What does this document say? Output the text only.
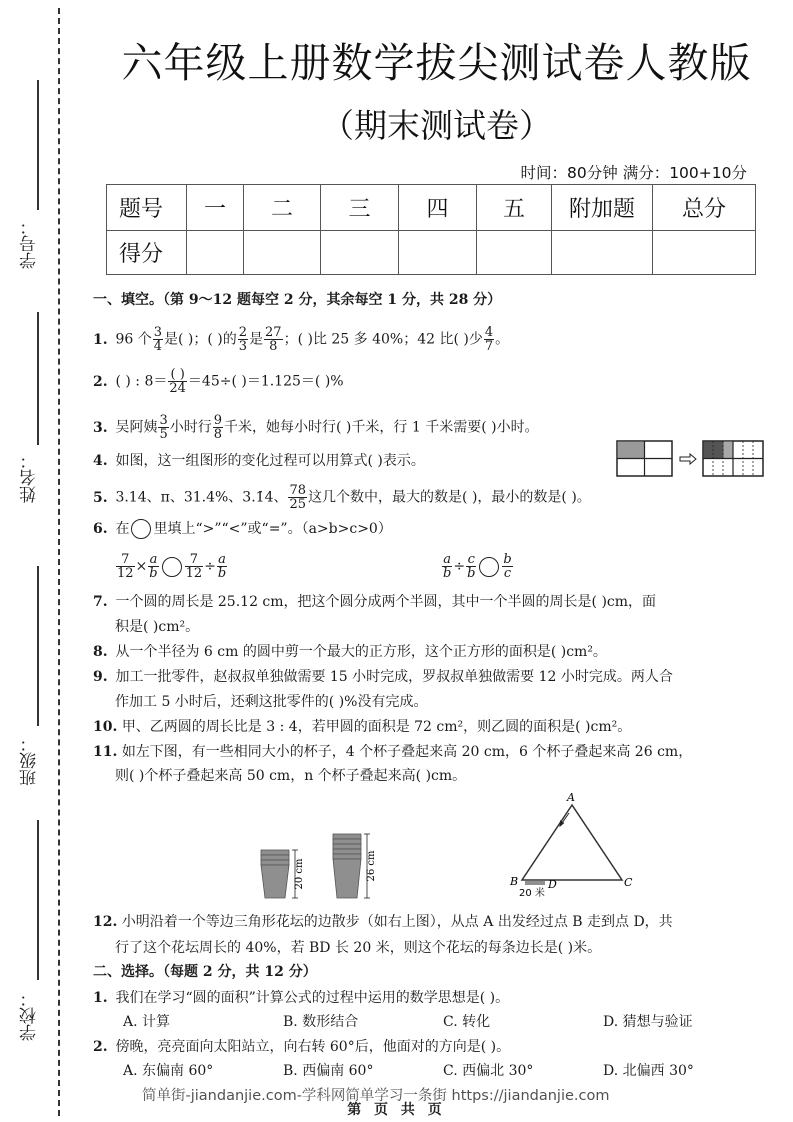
学号：
姓名：
班级：
学校：
六年级上册数学拔尖测试卷人教版
（期末测试卷）
时间：80分钟 满分：100+10分
题号	一	二	三	四	五	附加题	总分
得分							
一、填空。（第 9～12 题每空 2 分，其余每空 1 分，共 28 分）
1. 96 个 $\frac{3}{4}$ 是( )；( )的 $\frac{2}{3}$ 是 $\frac{27}{8}$ ；( )比 25 多 40%；42 比( )少 $\frac{4}{7}$ 。
2. ( ) : $8= \frac{( )}{24} =45\div$( )＝1.125＝( )%
3. 吴阿姨 $\frac{3}{5}$ 小时行 $\frac{9}{8}$ 千米，她每小时行( )千米，行 1 千米需要( )小时。
4. 如图，这一组图形的变化过程可以用算式( )表示。
5. 3.14、π、31.4%、3.1̇4̇、 $\frac{78}{25}$ 这几个数中，最大的数是( )，最小的数是( )。
6. 在 里填上“>”“<”或“=”。（a>b>c>0）
$\frac{7}{12} \times \frac{a}{b} \frac{7}{12} \div \frac{a}{b}$	$\frac{a}{b} \div \frac{c}{b} \frac{b}{c}$
7. 一个圆的周长是 25.12 cm，把这个圆分成两个半圆，其中一个半圆的周长是( )cm，面
积是( )cm²。
8. 从一个半径为 6 cm 的圆中剪一个最大的正方形，这个正方形的面积是( )cm²。
9. 加工一批零件，赵叔叔单独做需要 15 小时完成，罗叔叔单独做需要 12 小时完成。两人合
作加工 5 小时后，还剩这批零件的( )%没有完成。
10. 甲、乙两圆的周长比是 3 : 4，若甲圆的面积是 72 cm²，则乙圆的面积是( )cm²。
11. 如左下图，有一些相同大小的杯子，4 个杯子叠起来高 20 cm，6 个杯子叠起来高 26 cm，
则( )个杯子叠起来高 50 cm，n 个杯子叠起来高( )cm。
12. 小明沿着一个等边三角形花坛的边散步（如右上图），从点 A 出发经过点 B 走到点 D，共
行了这个花坛周长的 40%，若 BD 长 20 米，则这个花坛的每条边长是( )米。
二、选择。（每题 2 分，共 12 分）
1. 我们在学习“圆的面积”计算公式的过程中运用的数学思想是( )。
A. 计算	B. 数形结合	C. 转化	D. 猜想与验证
2. 傍晚，亮亮面向太阳站立，向右转 60°后，他面对的方向是( )。
A. 东偏南 60°	B. 西偏南 60°	C. 西偏北 30°	D. 北偏西 30°
20 cm	26 cm
A
B	C
D
20 米
简单街-jiandanjie.com-学科网简单学习一条街 https://jiandanjie.com
第 页 共 页
